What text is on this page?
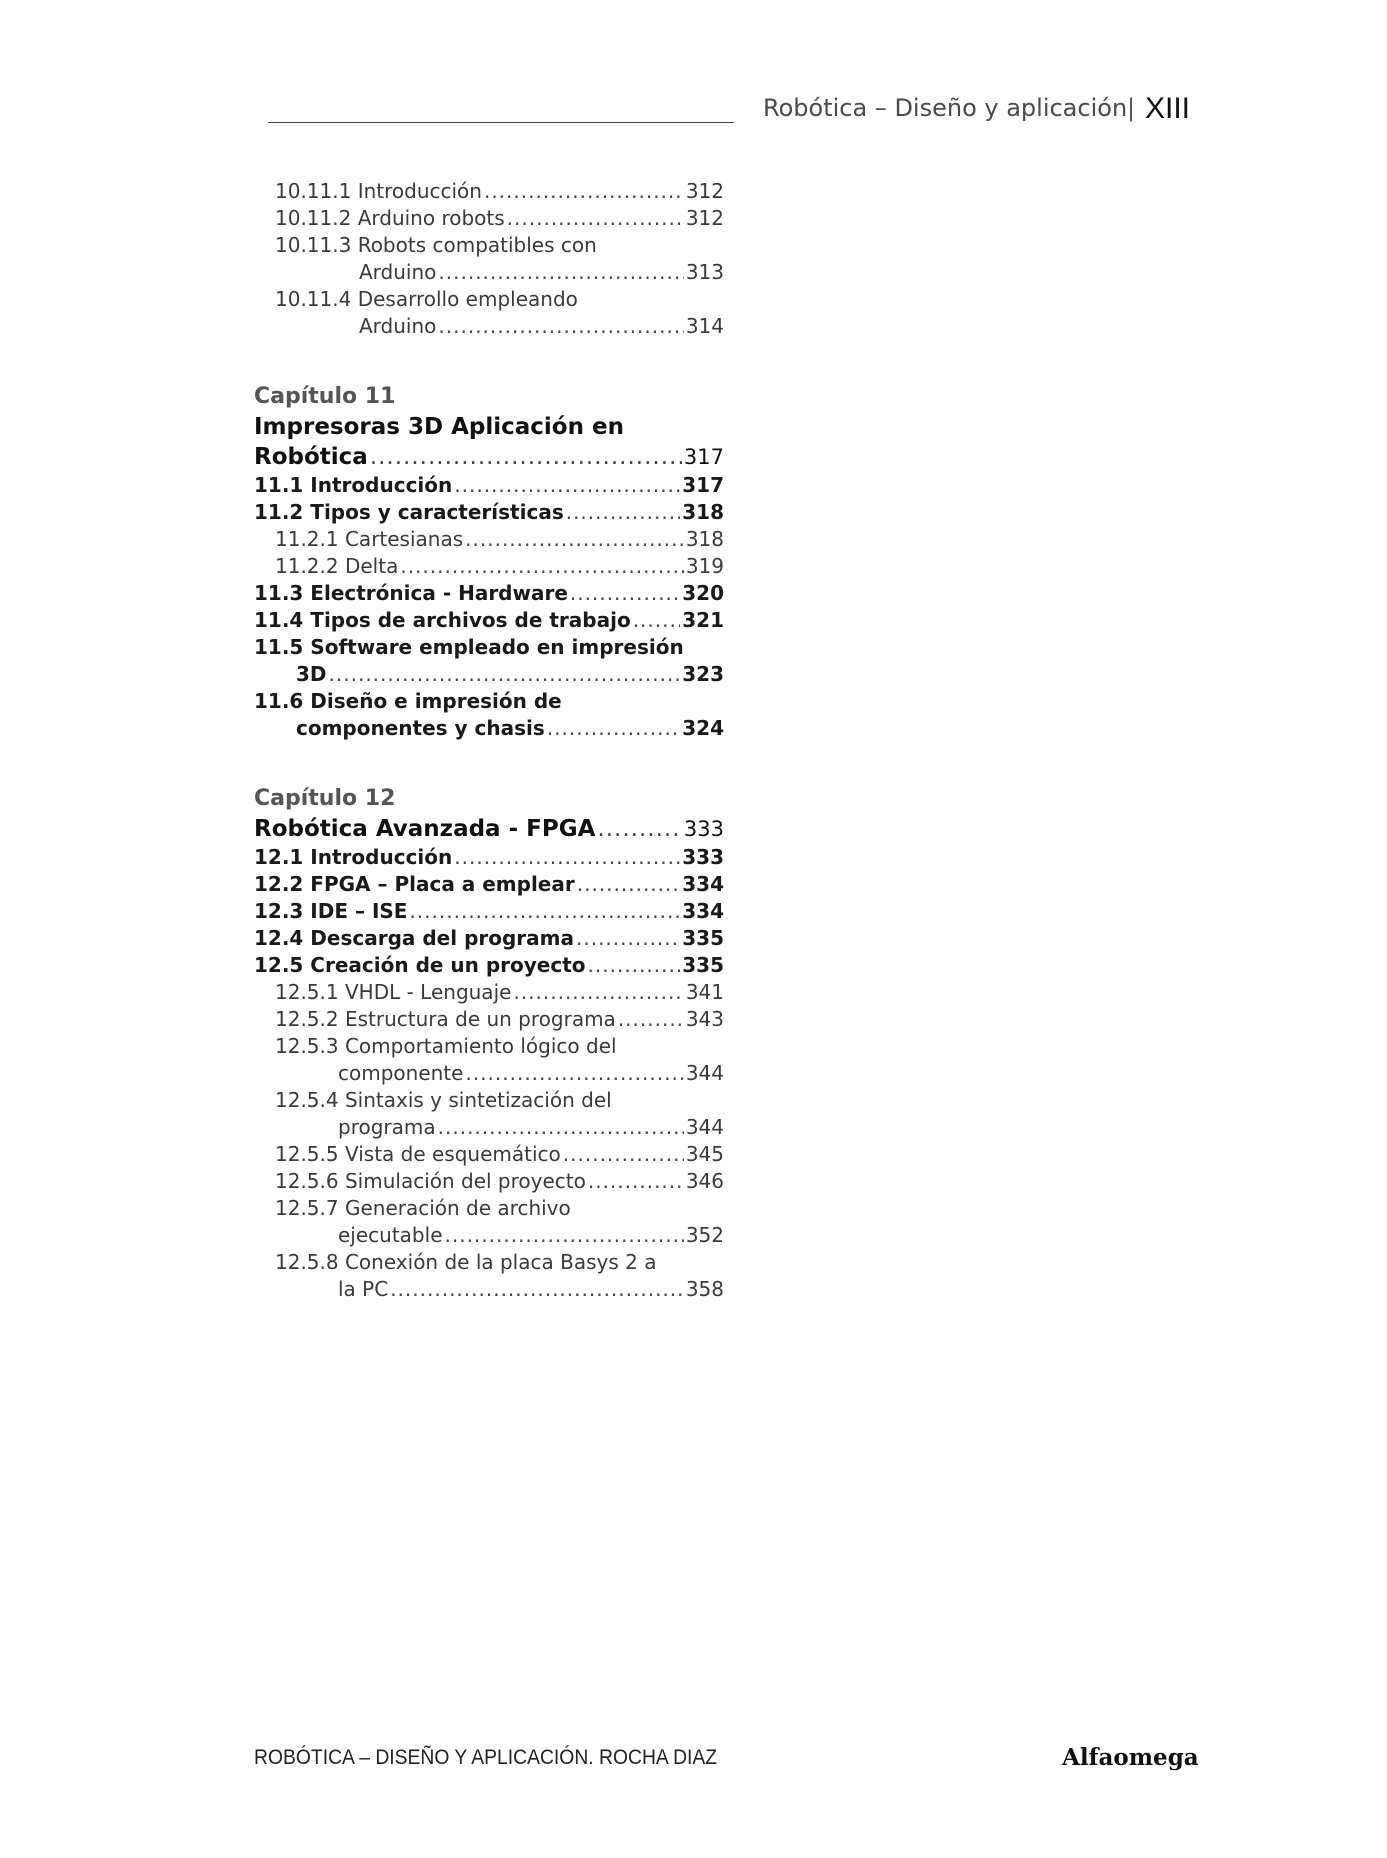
Robótica – Diseño y aplicación | XIII
10.11.1 Introducción .....	312
10.11.2 Arduino robots .....	312
10.11.3 Robots compatibles con
Arduino .....	313
10.11.4 Desarrollo empleando
Arduino .....	314
Capítulo 11
Impresoras 3D Aplicación en
Robótica .....	317
11.1 Introducción .....	317
11.2 Tipos y características .....	318
11.2.1 Cartesianas .....	318
11.2.2 Delta .....	319
11.3 Electrónica - Hardware .....	320
11.4 Tipos de archivos de trabajo .....	321
11.5 Software empleado en impresión
3D .....	323
11.6 Diseño e impresión de
componentes y chasis .....	324
Capítulo 12
Robótica Avanzada - FPGA .....	333
12.1 Introducción .....	333
12.2 FPGA – Placa a emplear .....	334
12.3 IDE – ISE .....	334
12.4 Descarga del programa .....	335
12.5 Creación de un proyecto .....	335
12.5.1 VHDL - Lenguaje .....	341
12.5.2 Estructura de un programa .....	343
12.5.3 Comportamiento lógico del
componente .....	344
12.5.4 Sintaxis y sintetización del
programa .....	344
12.5.5 Vista de esquemático .....	345
12.5.6 Simulación del proyecto .....	346
12.5.7 Generación de archivo
ejecutable .....	352
12.5.8 Conexión de la placa Basys 2 a
la PC .....	358
ROBÓTICA – DISEÑO Y APLICACIÓN. ROCHA DIAZ	Alfaomega
